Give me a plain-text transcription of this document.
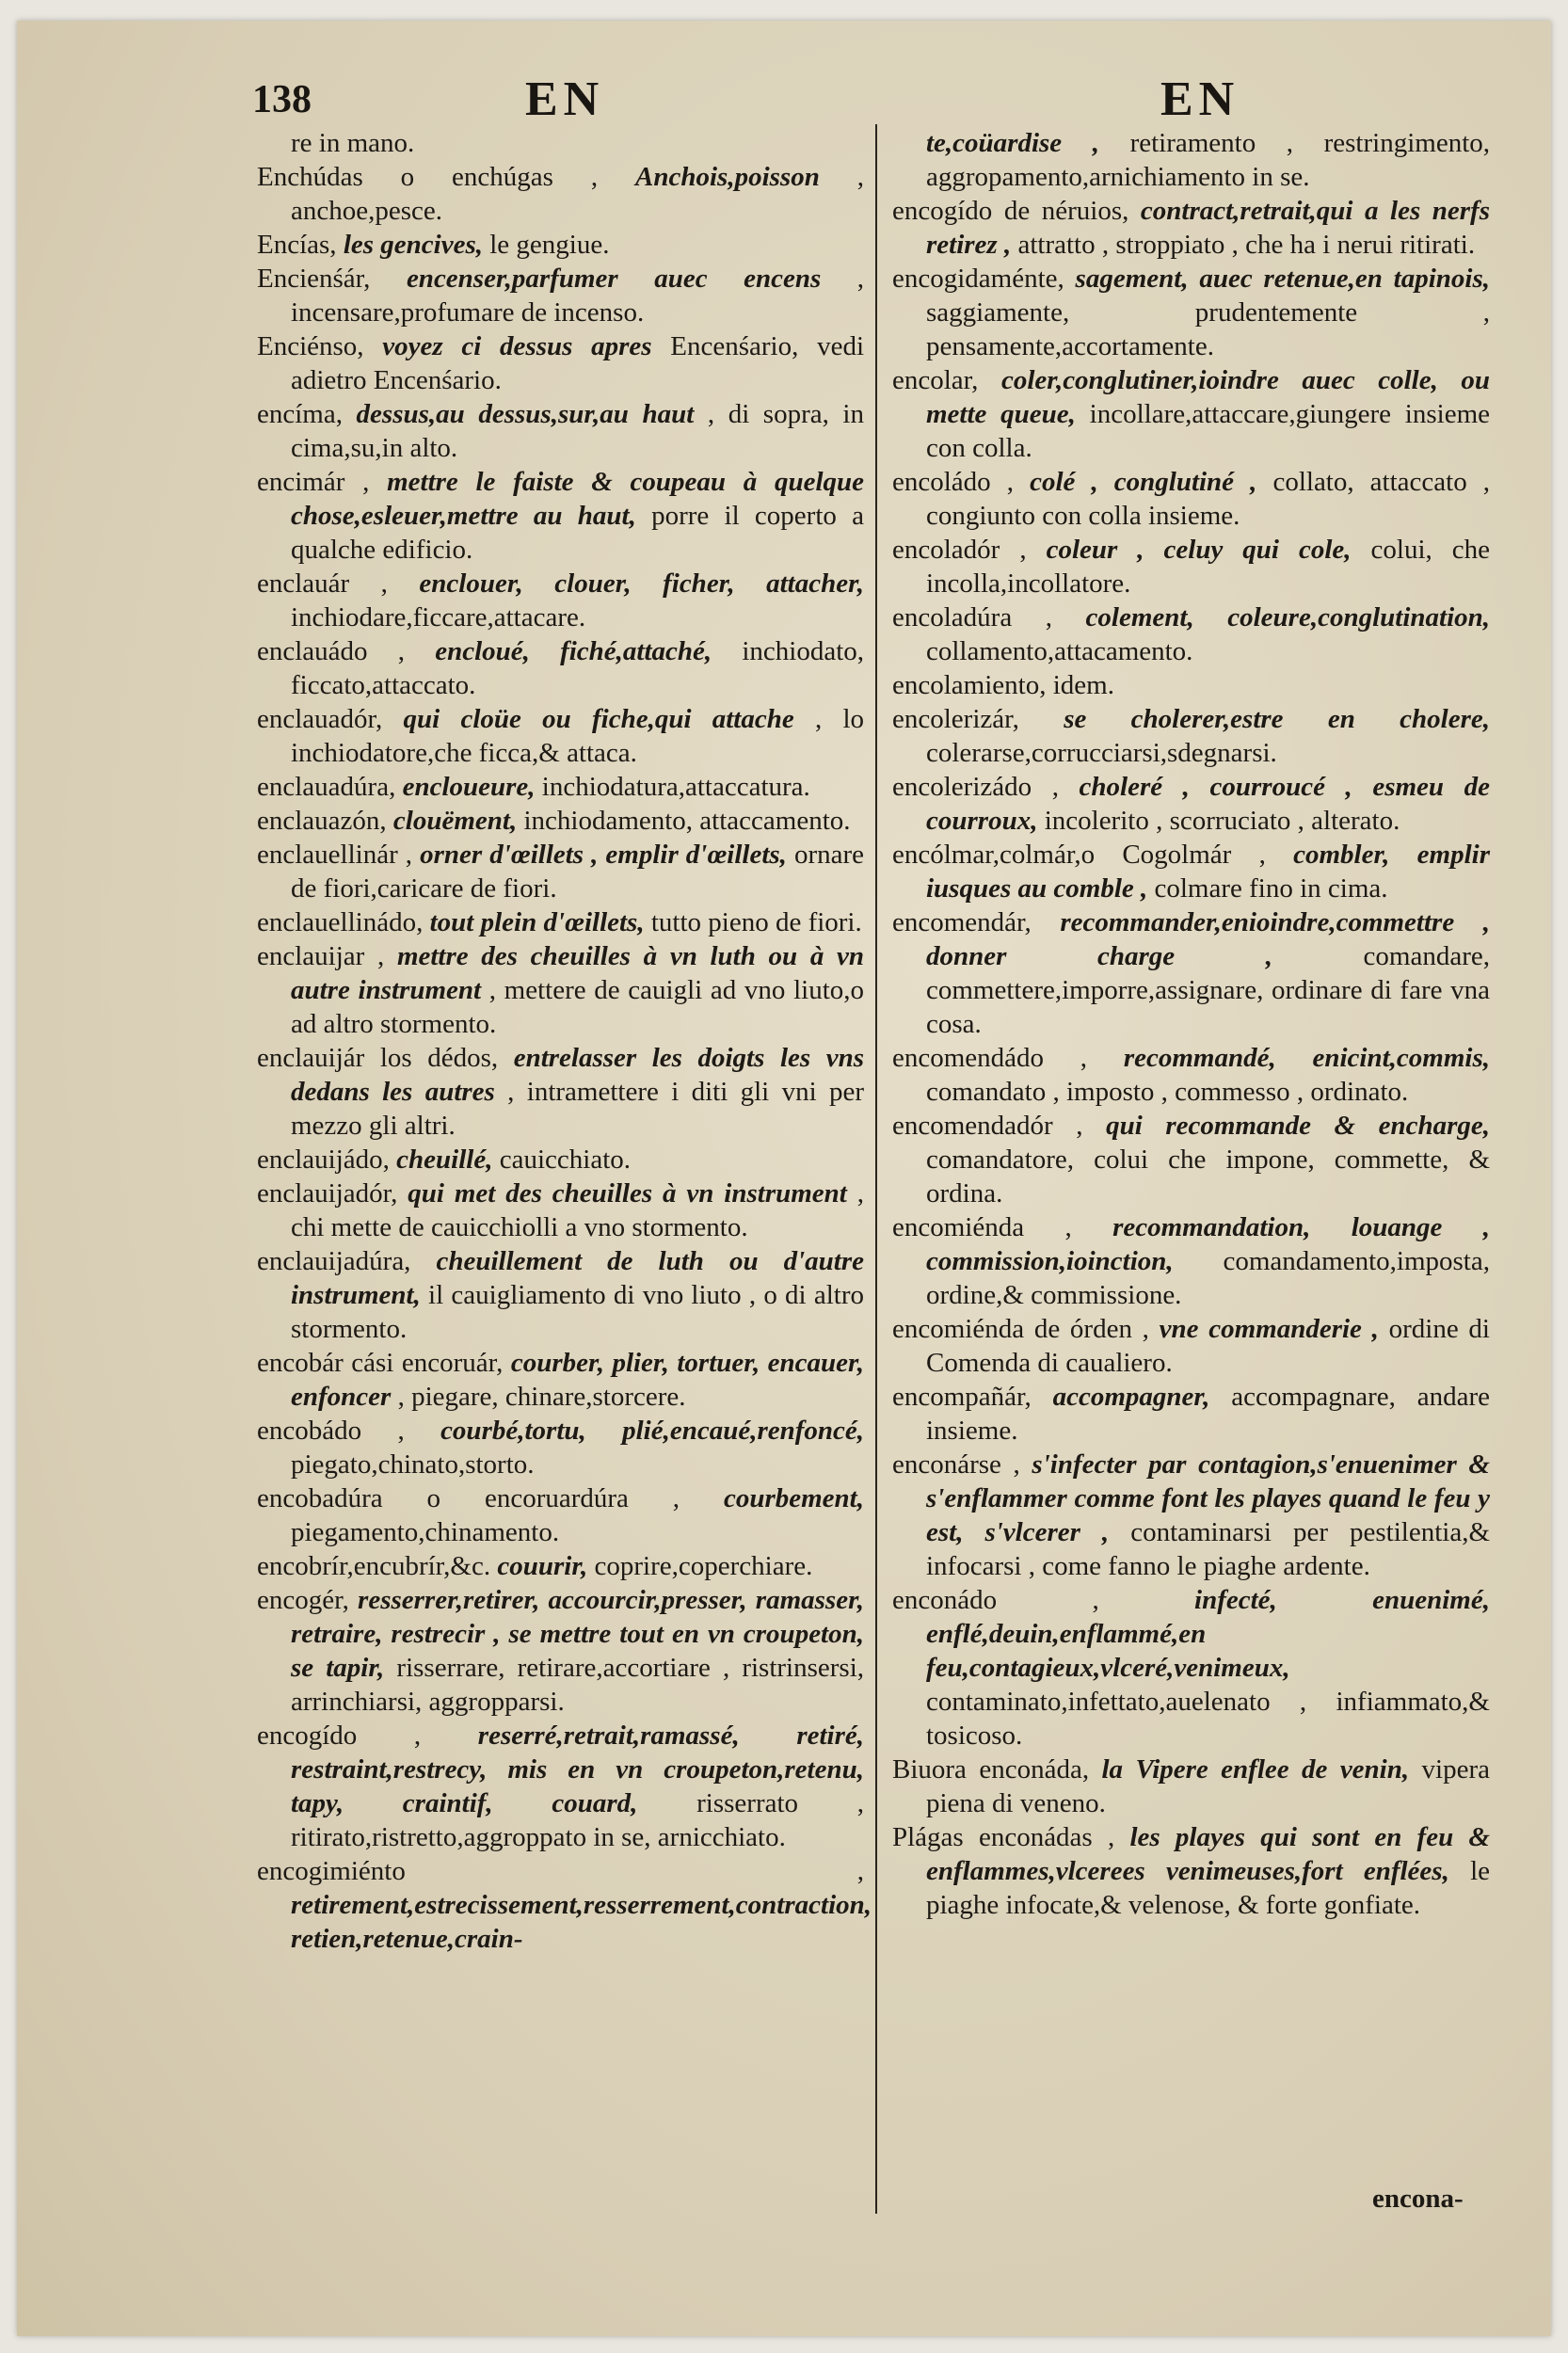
138	EN	EN

re in mano.

Enchúdas o enchúgas , Anchois,poisson , anchoe,pesce.

Encías, les gencives, le gengiue.

Encienśár, encenser,parfumer auec encens , incensare,profumare de incenso.

Enciénso, voyez ci dessus apres Encenśario, vedi adietro Encenśario.

encíma, dessus,au dessus,sur,au haut , di sopra, in cima,su,in alto.

encimár , mettre le faiste & coupeau à quelque chose,esleuer,mettre au haut, porre il coperto a qualche edificio.

enclauár , enclouer, clouer, ficher, attacher, inchiodare,ficcare,attacare.

enclauádo , encloué, fiché,attaché, inchiodato, ficcato,attaccato.

enclauadór, qui cloüe ou fiche,qui attache , lo inchiodatore,che ficca,& attaca.

enclauadúra, encloueure, inchiodatura,attaccatura.

enclauazón, clouëment, inchiodamento, attaccamento.

enclauellinár , orner d'œillets , emplir d'œillets, ornare de fiori,caricare de fiori.

enclauellinádo, tout plein d'œillets, tutto pieno de fiori.

enclauijar , mettre des cheuilles à vn luth ou à vn autre instrument , mettere de cauigli ad vno liuto,o ad altro stormento.

enclauijár los dédos, entrelasser les doigts les vns dedans les autres , intramettere i diti gli vni per mezzo gli altri.

enclauijádo, cheuillé, cauicchiato.

enclauijadór, qui met des cheuilles à vn instrument , chi mette de cauicchiolli a vno stormento.

enclauijadúra, cheuillement de luth ou d'autre instrument, il cauigliamento di vno liuto , o di altro stormento.

encobár cási encoruár, courber, plier, tortuer, encauer, enfoncer , piegare, chinare,storcere.

encobádo , courbé,tortu, plié,encaué,renfoncé, piegato,chinato,storto.

encobadúra o encoruardúra , courbement, piegamento,chinamento.

encobrír,encubrír,&c. couurir, coprire,coperchiare.

encogér, resserrer,retirer, accourcir,presser, ramasser, retraire, restrecir , se mettre tout en vn croupeton, se tapir, risserrare, retirare,accortiare , ristrinsersi, arrinchiarsi, aggropparsi.

encogído , reserré,retrait,ramassé, retiré, restraint,restrecy, mis en vn croupeton,retenu, tapy, craintif, couard, risserrato , ritirato,ristretto,aggroppato in se, arnicchiato.

encogimiénto , retirement,estrecissement,resserrement,contraction, retien,retenue,crain-

te,coüardise , retiramento , restringimento, aggropamento,arnichiamento in se.

encogído de néruios, contract,retrait,qui a les nerfs retirez , attratto , stroppiato , che ha i nerui ritirati.

encogidaménte, sagement, auec retenue,en tapinois, saggiamente, prudentemente , pensamente,accortamente.

encolar, coler,conglutiner,ioindre auec colle, ou mette queue, incollare,attaccare,giungere insieme con colla.

encoládo , colé , conglutiné , collato, attaccato , congiunto con colla insieme.

encoladór , coleur , celuy qui cole, colui, che incolla,incollatore.

encoladúra , colement, coleure,conglutination, collamento,attacamento.

encolamiento, idem.

encolerizár, se cholerer,estre en cholere, colerarse,corrucciarsi,sdegnarsi.

encolerizádo , choleré , courroucé , esmeu de courroux, incolerito , scorruciato , alterato.

encólmar,colmár,o Cogolmár , combler, emplir iusques au comble , colmare fino in cima.

encomendár, recommander,enioindre,commettre , donner charge ,	comandare, commettere,imporre,assignare, ordinare di fare vna cosa.

encomendádo , recommandé, enicint,commis, comandato , imposto , commesso , ordinato.

encomendadór , qui recommande & encharge, comandatore, colui che impone, commette, & ordina.

encomiénda , recommandation, louange , commission,ioinction, comandamento,imposta, ordine,& commissione.

encomiénda de órden , vne commanderie , ordine di Comenda di caualiero.

encompañár, accompagner, accompagnare, andare insieme.

enconárse , s'infecter par contagion,s'enuenimer & s'enflammer comme font les playes quand le feu y est, s'vlcerer , contaminarsi per pestilentia,& infocarsi , come fanno le piaghe ardente.

enconádo ,	infecté, enuenimé, enflé,deuin,enflammé,en feu,contagieux,vlceré,venimeux, contaminato,infettato,auelenato , infiammato,& tosicoso.

Biuora enconáda, la Vipere enflee de venin, vipera piena di veneno.

Plágas enconádas , les playes qui sont en feu & enflammes,vlcerees venimeuses,fort enflées, le piaghe infocate,& velenose, & forte gonfiate.

encona-
